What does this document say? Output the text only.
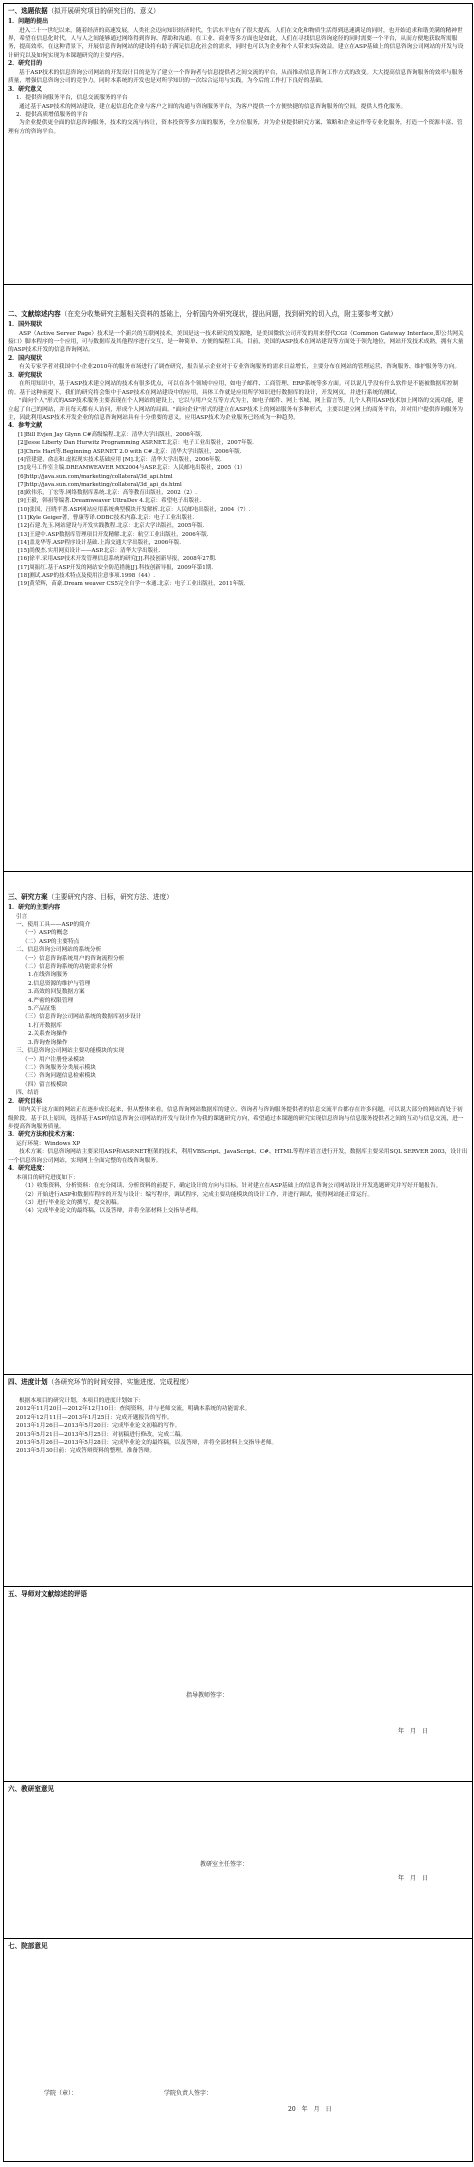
一、选题依据（拟开展研究项目的研究目的、意义）
1．问题的提出

进入二十一世纪以来，随着经济的高速发展，人类社会迈向知识经济时代，生活水平也有了很大提高。人们在文化和物质生活得到迅速满足的同时，也开始追求和谐美满的精神世界，希望在信息化时代，人与人之间能够通过网络得到咨询、帮助和沟通。在工业、商业等多方面也是如此，人们在寻找信息咨询途径的同时需要一个平台，从而方便地获取所需服务，提高效率。在这种背景下，开展信息咨询网站的建设将有助于满足信息化社会的需求，同时也可以为企业和个人带来实际效益。建立在ASP基础上的信息咨询公司网站的开发与设计研究以及如何实现为本课题研究的主要内容。

2．研究目的

基于ASP技术的信息咨询公司网站的开发设计目的是为了建立一个咨询者与信息提供者之间交流的平台，从而推动信息咨询工作方式的改变。大大提高信息咨询服务的效率与服务质量，增强信息咨询公司的竞争力。同时本系统的开发也是对所学知识的一次综合运用与实践，为今后的工作打下良好的基础。

3．研究意义
1．提供咨询服务平台，信息交流服务的平台

通过基于ASP技术的网站建设，建立起信息化企业与客户之间的沟通与咨询服务平台，为客户提供一个方便快捷的信息咨询服务的空间，提供人性化服务。

2．提供高质增值服务的平台

为企业提供更全面的信息咨询服务，技术的交流与转让，资本投资等多方面的服务，全方位服务，并为企业提供研究方案、策略和企业运作等专业化服务，打造一个资源丰富、管理有方的咨询平台。

二、文献综述内容（在充分收集研究主题相关资料的基础上，分析国内外研究现状，提出问题，找到研究的切入点，附主要参考文献）
1．国外现状

ASP（Active Server Page）技术是一个新兴的互联网技术，美国是这一技术研究的发源地，是美国微软公司开发的用来替代CGI（Common Gateway Interface,即公共网关接口）脚本程序的一个应用，可与数据库及其他程序进行交互，是一种简单、方便的编程工具。目前，美国的ASP技术在网站建设等方面处于领先地位，网站开发技术成熟，拥有大量的ASP技术开发的信息咨询网站。

2．国内现状

有关专家学者对我国中小企业2010年的服务市场进行了调查研究，报告显示企业对于专业咨询服务的需求日益增长，主要分布在网站的管理运营、咨询服务、维护服务等方向。

3．研究现状

在所用知识中，基于ASP技术建立网站的技术有很多优点，可以在各个领域中应用，如电子邮件、工商管理、ERP系统等多方面。可以说几乎没有什么软件是不能被数据库控制的。基于这种前提下，我们的研究将会集中于ASP技术在网站建设中的应用，具体工作就是应用所学知识进行数据库的设计，开发网页，并进行系统的测试。

"面向个人"形式的ASP技术服务主要表现在个人网站的建设上，它以与用户交互等方式为主，如电子邮件、网上书城、网上留言等。几个人利用ASP技术加上网络的交流功能，建立起了自己的网站，并且每天都有人访问，形成个人网站的局面。"面向企业"形式的建立在ASP技术上的网站服务有多种形式，主要以建立网上的商务平台，并对用户提供咨询服务为主，因此利用ASP技术开发企业的信息咨询网站具有十分重要的意义，应用ASP技术为企业服务已经成为一种趋势。

4．参考文献
[1]Bill Evjen Jay Glynn C#高级编程.北京：清华大学出版社，2006年版.
[2]Jesse Liberty Dan Hurwitz Programming ASP.NET.北京：电子工业出版社，2007年版.
[3]Chris Hart等.Beginning ASP.NET 2.0 with C#.北京：清华大学出版社，2006年版.
[4]管建建，俞志和.虚拟现实技术基础应用 [M].北京：清华大学出版社，2006年版.
[5]龙马工作室主编.DREAMWEAVER MX2004与ASP.北京：人民邮电出版社，2005（1）
[6]http://java.sun.com/marketing/collateral/3d_api.html
[7]http://java.sun.com/marketing/collateral/3d_api_ds.html
[8]欧伟乐，丁宏等.网络数据库系统.北京：高等教育出版社，2002（2）.
[9]王毅，韩祖等编著.Dreamweaver UltraDev 4.北京：希望电子出版社.
[10]张国，汪晓平著.ASP网站应用系统典型模块开发解析.北京：人民邮电出版社，2004（7）.
[11]Kyle Geiger著，曹康等译.ODBC技术内幕.北京：电子工业出版社.
[12]石建.先玉.网站建设与开发实践教程.北京：北京大学出版社，2005年版.
[13]王建中.ASP数据库管理项目开发精解.北京：航空工业出版社，2006年版.
[14]盖龙华等.ASP程序设计基础.上海交通大学出版社，2006年版.
[15]尚俊杰.实用网页设计——ASP.北京：清华大学出版社.
[16]徐平.采用ASP技术开发管理信息系统的研究[J].科技创新导报，2008年27期.
[17]周振红.基于ASP开发的网站安全防范措施[J].科技创新导报，2009年第1期.
[18]测试.ASP的技术特点及使用注意事项.1998（44）.
[19]黄荣辉，苗豪.Dream weaver CS5完全自学一本通.北京：电子工业出版社，2011年版.
三、研究方案（主要研究内容、目标，研究方法、进度）
1．研究的主要内容
引言
一、使用工具——ASP的简介
（一）ASP的概念
（二）ASP的主要特点
二、信息咨询公司网站的系统分析
（一）信息咨询系统用户的咨询流程分析
（二）信息咨询系统的功能需求分析
1.在线咨询服务
2.信息资源的维护与管理
3.高效的回复数据方案
4.严密的权限管理
5.产品征集
（三）信息咨询公司网站系统的数据库初步设计
1.打开数据库
2.关系查询操作
3.咨询查询操作
三、信息咨询公司网站主要功能模块的实现
（一）用户注册登录模块
（二）咨询服务分类展示模块
（三）咨询问题信息检索模块
（四）留言板模块
四、结语
2．研究目标

国内关于这方面的网站正在逐步成长起来，但从整体来看，信息咨询网站数据库的建立、咨询者与咨询服务提供者的信息交流平台都存在许多问题，可以说大部分的网站尚处于初级阶段。基于以上原因，选择基于ASP的信息咨询公司网站的开发与设计作为我的课题研究方向，希望通过本课题的研究实现信息咨询与信息服务提供者之间的互动与信息交流，进一步提高咨询服务质量。

3．研究方法和技术方案：
运行环境：Windows XP

技术方案：信息咨询网站主要采用ASP和ASP.NET框架的技术，利用VBScript、JavaScript、C#、HTML等程序语言进行开发，数据库主要采用SQL SERVER 2003，设计出一个信息咨询公司网站，实现网上全面完整的在线咨询服务。

4．研究进度：
本项目的研究进度如下：
（1）收集资料，分析资料：在充分阅读、分析资料的前提下，确定设计的方向与目标。针对建立在ASP基础上的信息咨询公司网站设计开发选题研究并写好开题报告。
（2）开始进行ASP和数据库程序的开发与设计：编写程序，调试程序，完成主要功能模块的设计工作，并进行调试，使得网站能正常运行。
（3）进行毕业论文的撰写，提交初稿。
（4）完成毕业论文的最终稿，以及答辩，并将全部材料上交指导老师。
四、进度计划（各研究环节的时间安排、实施进度、完成程度）

根据本项目的研究计划，本项目的进度计划如下：

2012年11月20日—2012年12月10日：查阅资料，并与老师交流，明确本系统的功能需求。
2012年12月11日—2013年1月25日：完成开题报告的写作。
2013年1月26日—2013年5月20日：完成毕业论文初稿的写作。
2013年5月21日—2013年5月25日：对初稿进行修改，完成二稿。
2013年5月26日—2013年5月28日：完成毕业论文的最终稿，以及答辩，并将全部材料上交指导老师。
2013年5月30日前：完成答辩资料的整理，准备答辩。
五、导师对文献综述的评语
指导教师签字：
年　月　日
六、教研室意见
教研室主任签字：
年　月　日
七、院部意见
学院（章）：	学院负责人签字：
20　年　月　日
